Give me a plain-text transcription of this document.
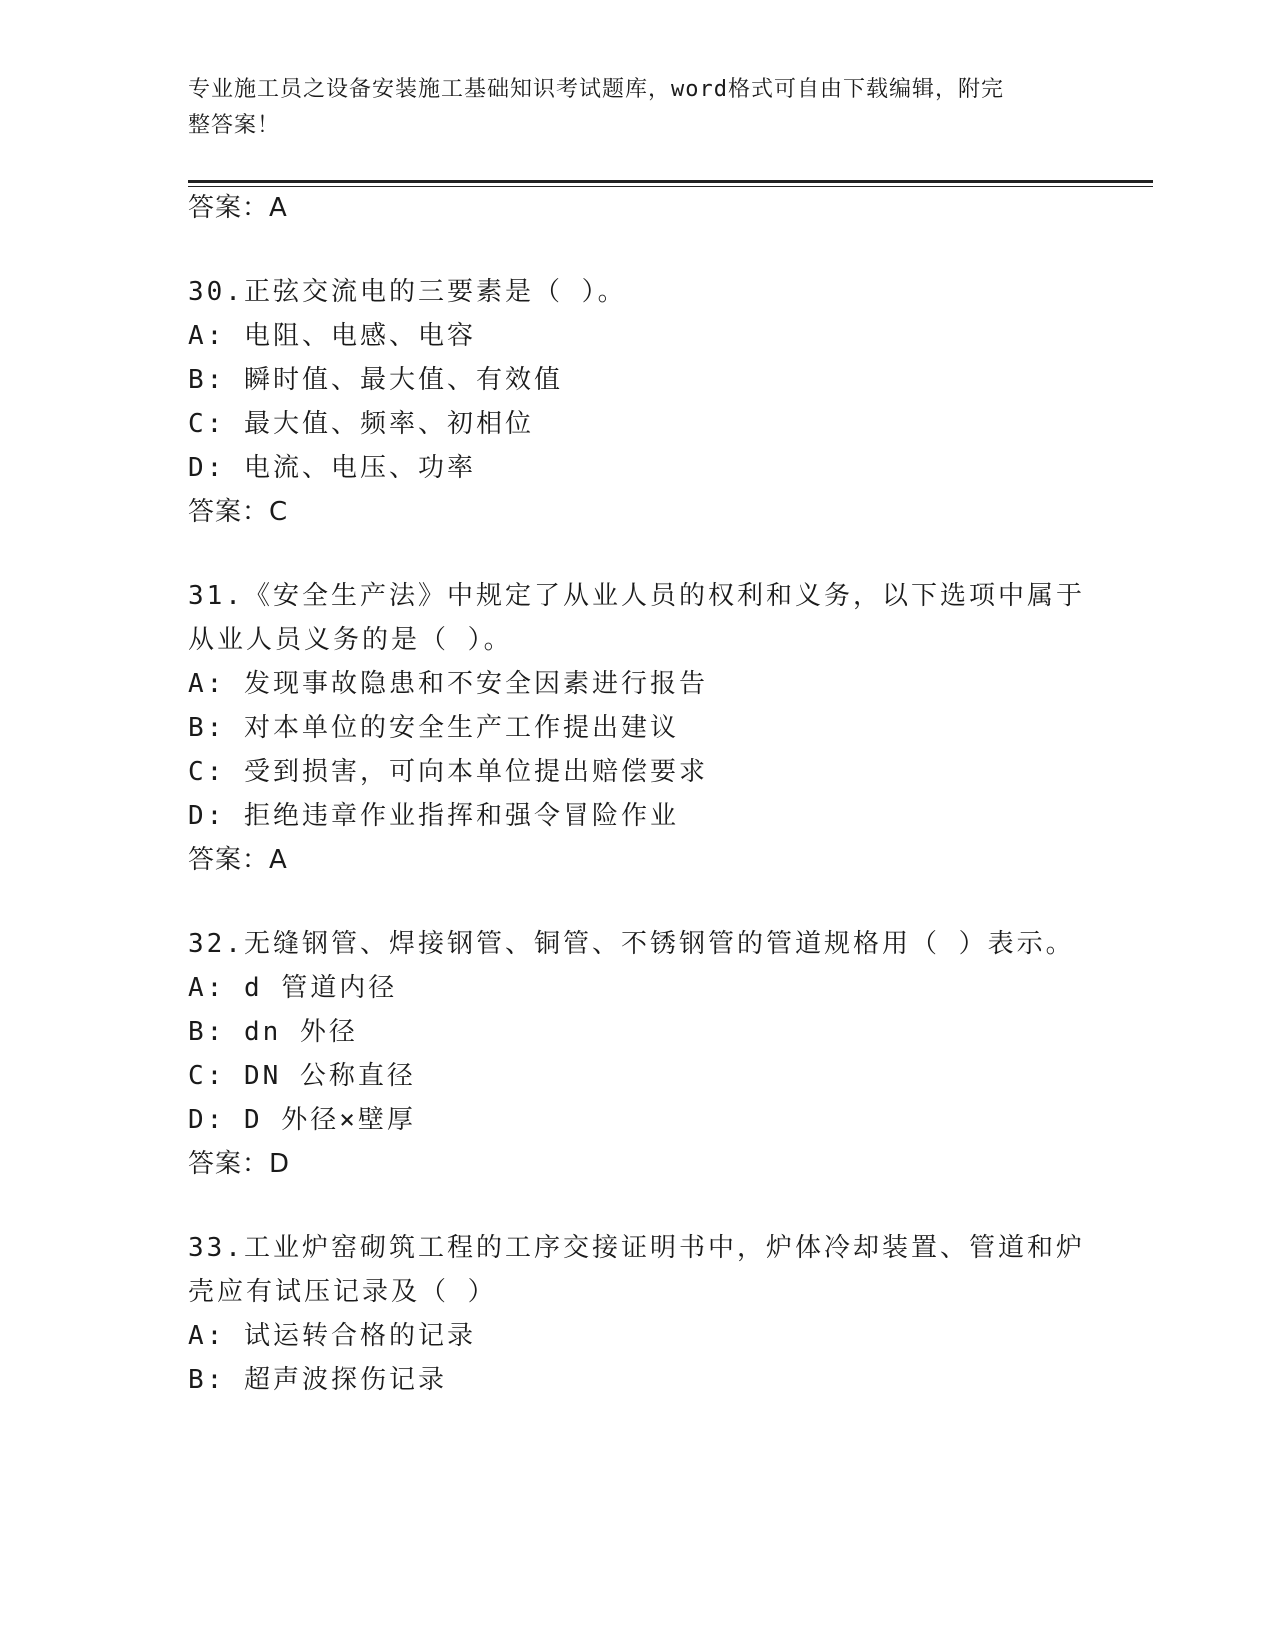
专业施工员之设备安装施工基础知识考试题库，word格式可自由下载编辑，附完
整答案！
答案：A
30.正弦交流电的三要素是（ ）。
A: 电阻、电感、电容
B: 瞬时值、最大值、有效值
C: 最大值、频率、初相位
D: 电流、电压、功率
答案：C
31.《安全生产法》中规定了从业人员的权利和义务，以下选项中属于
从业人员义务的是（ ）。
A: 发现事故隐患和不安全因素进行报告
B: 对本单位的安全生产工作提出建议
C: 受到损害，可向本单位提出赔偿要求
D: 拒绝违章作业指挥和强令冒险作业
答案：A
32.无缝钢管、焊接钢管、铜管、不锈钢管的管道规格用（ ）表示。
A: d 管道内径
B: dn 外径
C: DN 公称直径
D: D 外径×壁厚
答案：D
33.工业炉窑砌筑工程的工序交接证明书中，炉体冷却装置、管道和炉
壳应有试压记录及（ ）
A: 试运转合格的记录
B: 超声波探伤记录
